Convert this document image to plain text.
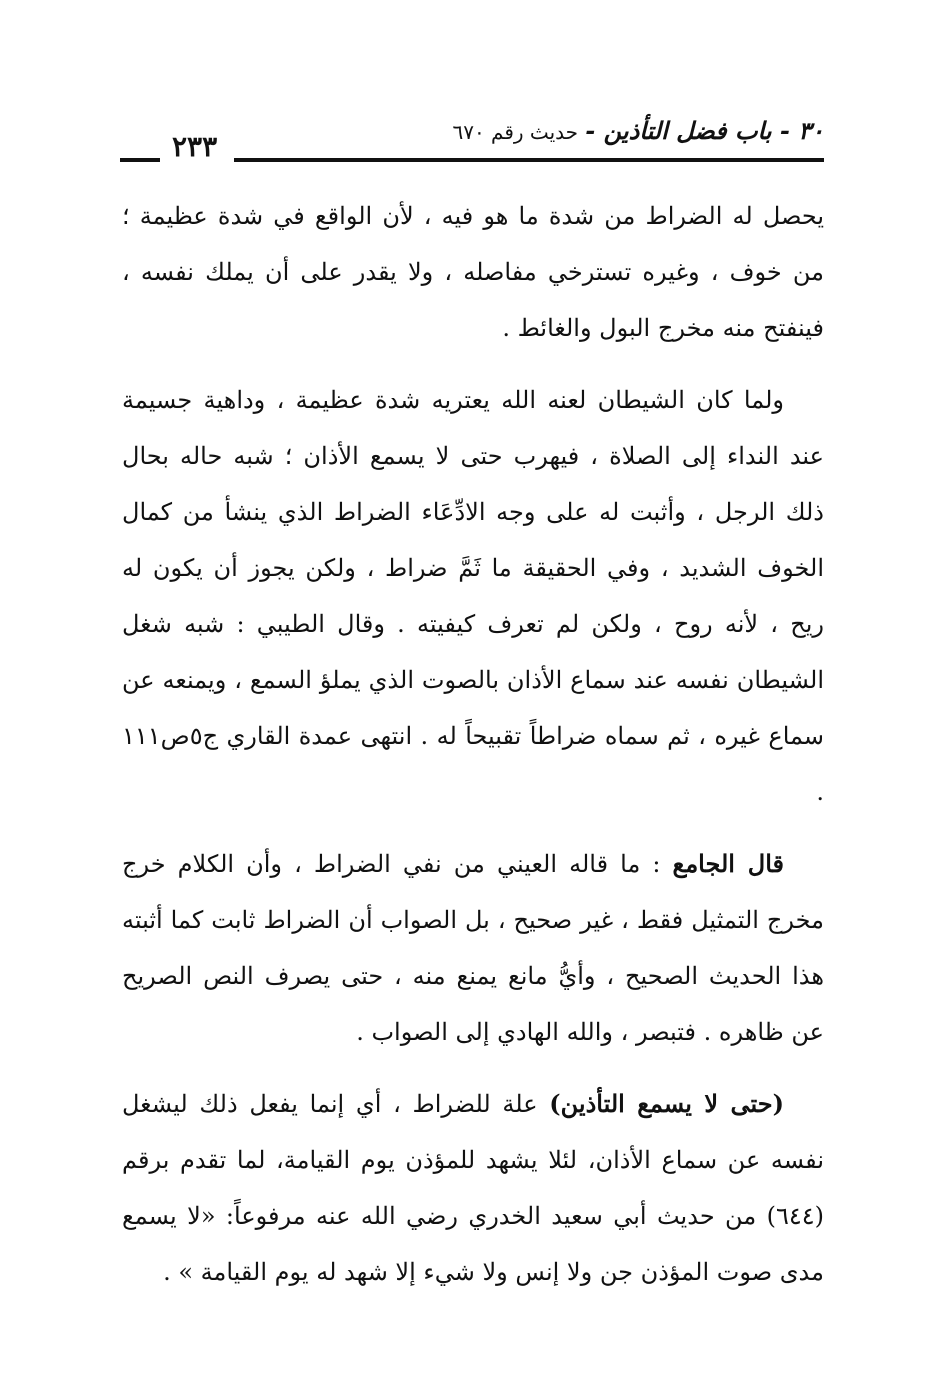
٣٠ - باب فضل التأذين -
حديث رقم ٦٧٠
٢٣٣

يحصل له الضراط من شدة ما هو فيه ، لأن الواقع في شدة عظيمة ؛ من خوف ، وغيره تسترخي مفاصله ، ولا يقدر على أن يملك نفسه ، فينفتح منه مخرج البول والغائط .

ولما كان الشيطان لعنه الله يعتريه شدة عظيمة ، وداهية جسيمة عند النداء إلى الصلاة ، فيهرب حتى لا يسمع الأذان ؛ شبه حاله بحال ذلك الرجل ، وأثبت له على وجه الادِّعَاء الضراط الذي ينشأ من كمال الخوف الشديد ، وفي الحقيقة ما ثَمَّ ضراط ، ولكن يجوز أن يكون له ريح ، لأنه روح ، ولكن لم تعرف كيفيته . وقال الطيبي : شبه شغل الشيطان نفسه عند سماع الأذان بالصوت الذي يملؤ السمع ، ويمنعه عن سماع غيره ، ثم سماه ضراطاً تقبيحاً له . انتهى عمدة القاري ج٥ص١١١ .

قال الجامع : ما قاله العيني من نفي الضراط ، وأن الكلام خرج مخرج التمثيل فقط ، غير صحيح ، بل الصواب أن الضراط ثابت كما أثبته هذا الحديث الصحيح ، وأيُّ مانع يمنع منه ، حتى يصرف النص الصريح عن ظاهره . فتبصر ، والله الهادي إلى الصواب .

(حتى لا يسمع التأذين) علة للضراط ، أي إنما يفعل ذلك ليشغل نفسه عن سماع الأذان، لئلا يشهد للمؤذن يوم القيامة، لما تقدم برقم (٦٤٤) من حديث أبي سعيد الخدري رضي الله عنه مرفوعاً: «لا يسمع مدى صوت المؤذن جن ولا إنس ولا شيء إلا شهد له يوم القيامة » .
